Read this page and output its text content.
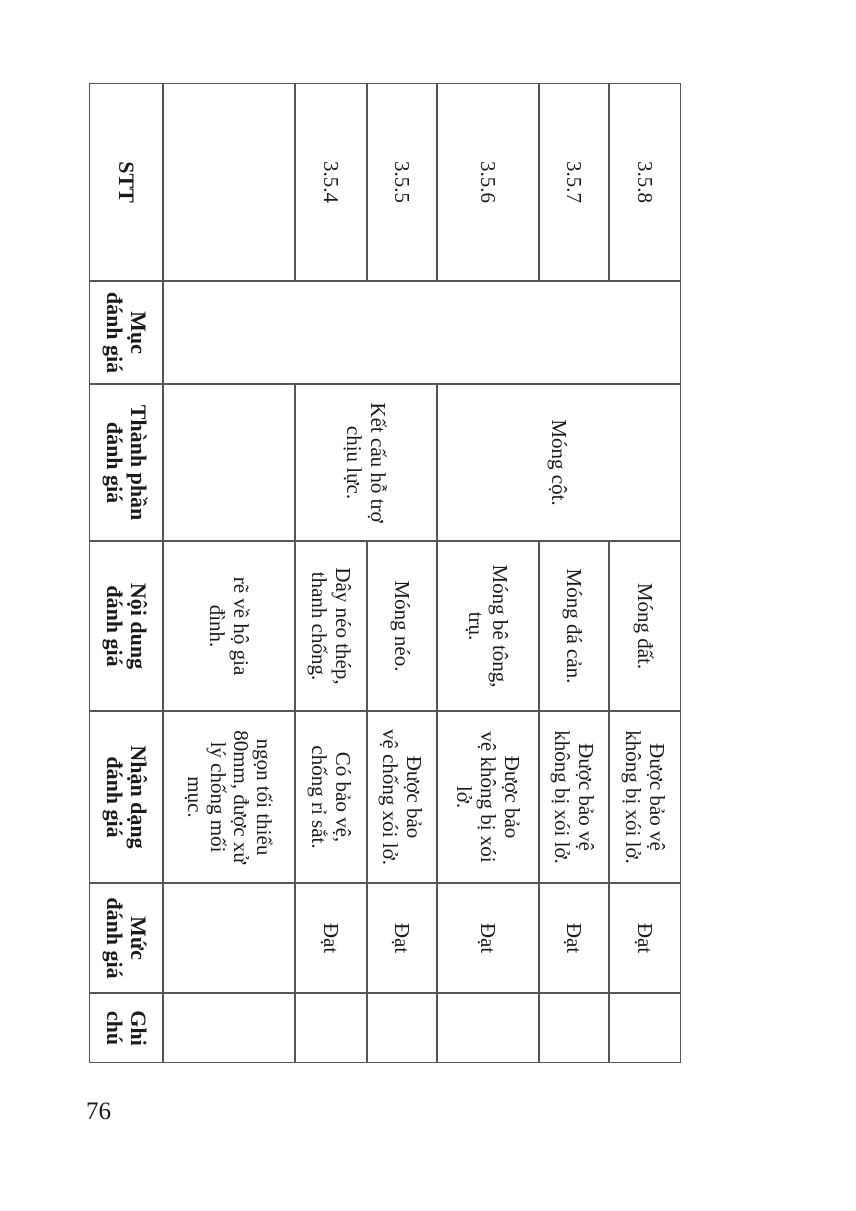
STT
Mục
đánh giá
Thành phần
đánh giá
Nội dung
đánh giá
Nhận dạng
đánh giá
Mức
đánh giá
Ghi chú
rẽ về hộ gia
đình.
ngọn tối thiểu
80mm, được xử
lý chống mối
mục.
Kết cấu hỗ trợ
chịu lực.	Móng cột.
3.5.4
Dây néo thép,
thanh chống.
Có bảo vệ,
chống rỉ sắt.
Đạt
3.5.5
Móng néo.
Được bảo
vệ chống xói lở.
Đạt
3.5.6
Móng bê tông,
trụ.
Được bảo
vệ không bị xói
lở.
Đạt
3.5.7
Móng đá cản.
Được bảo vệ
không bị xói lở.
Đạt
3.5.8
Móng đất.
Được bảo vệ
không bị xói lở.
Đạt
76
